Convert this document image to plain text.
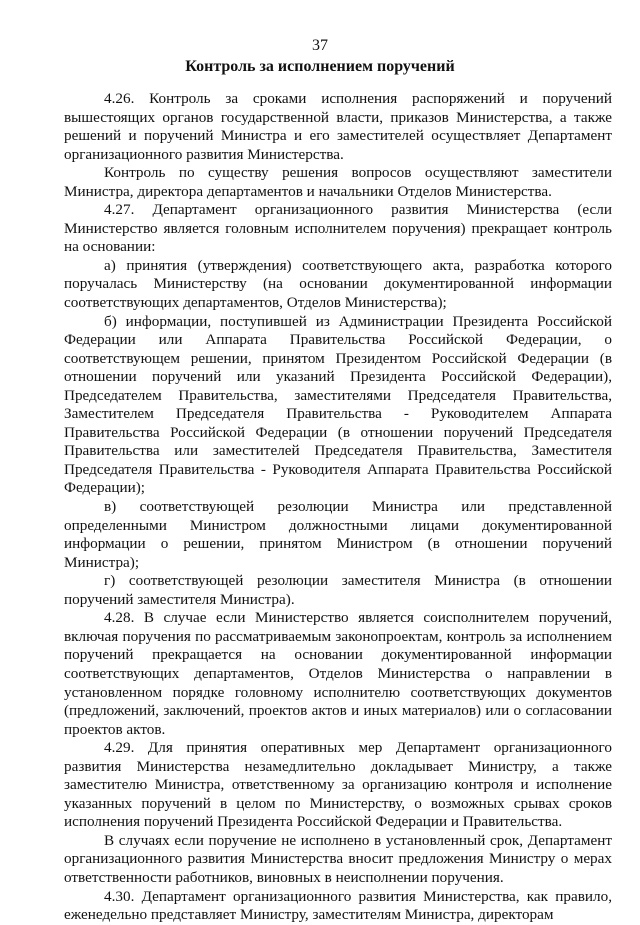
37
Контроль за исполнением поручений

4.26. Контроль за сроками исполнения распоряжений и поручений вышестоящих органов государственной власти, приказов Министерства, а также решений и поручений Министра и его заместителей осуществляет Департамент организационного развития Министерства.

Контроль по существу решения вопросов осуществляют заместители Министра, директора департаментов и начальники Отделов Министерства.

4.27. Департамент организационного развития Министерства (если Министерство является головным исполнителем поручения) прекращает контроль на основании:

а) принятия (утверждения) соответствующего акта, разработка которого поручалась Министерству (на основании документированной информации соответствующих департаментов, Отделов Министерства);

б) информации, поступившей из Администрации Президента Российской Федерации или Аппарата Правительства Российской Федерации, о соответствующем решении, принятом Президентом Российской Федерации (в отношении поручений или указаний Президента Российской Федерации), Председателем Правительства, заместителями Председателя Правительства, Заместителем Председателя Правительства - Руководителем Аппарата Правительства Российской Федерации (в отношении поручений Председателя Правительства или заместителей Председателя Правительства, Заместителя Председателя Правительства - Руководителя Аппарата Правительства Российской Федерации);

в) соответствующей резолюции Министра или представленной определенными Министром должностными лицами документированной информации о решении, принятом Министром (в отношении поручений Министра);

г) соответствующей резолюции заместителя Министра (в отношении поручений заместителя Министра).

4.28. В случае если Министерство является соисполнителем поручений, включая поручения по рассматриваемым законопроектам, контроль за исполнением поручений прекращается на основании документированной информации соответствующих департаментов, Отделов Министерства о направлении в установленном порядке головному исполнителю соответствующих документов (предложений, заключений, проектов актов и иных материалов) или о согласовании проектов актов.

4.29. Для принятия оперативных мер Департамент организационного развития Министерства незамедлительно докладывает Министру, а также заместителю Министра, ответственному за организацию контроля и исполнение указанных поручений в целом по Министерству, о возможных срывах сроков исполнения поручений Президента Российской Федерации и Правительства.

В случаях если поручение не исполнено в установленный срок, Департамент организационного развития Министерства вносит предложения Министру о мерах ответственности работников, виновных в неисполнении поручения.

4.30. Департамент организационного развития Министерства, как правило, еженедельно представляет Министру, заместителям Министра, директорам
